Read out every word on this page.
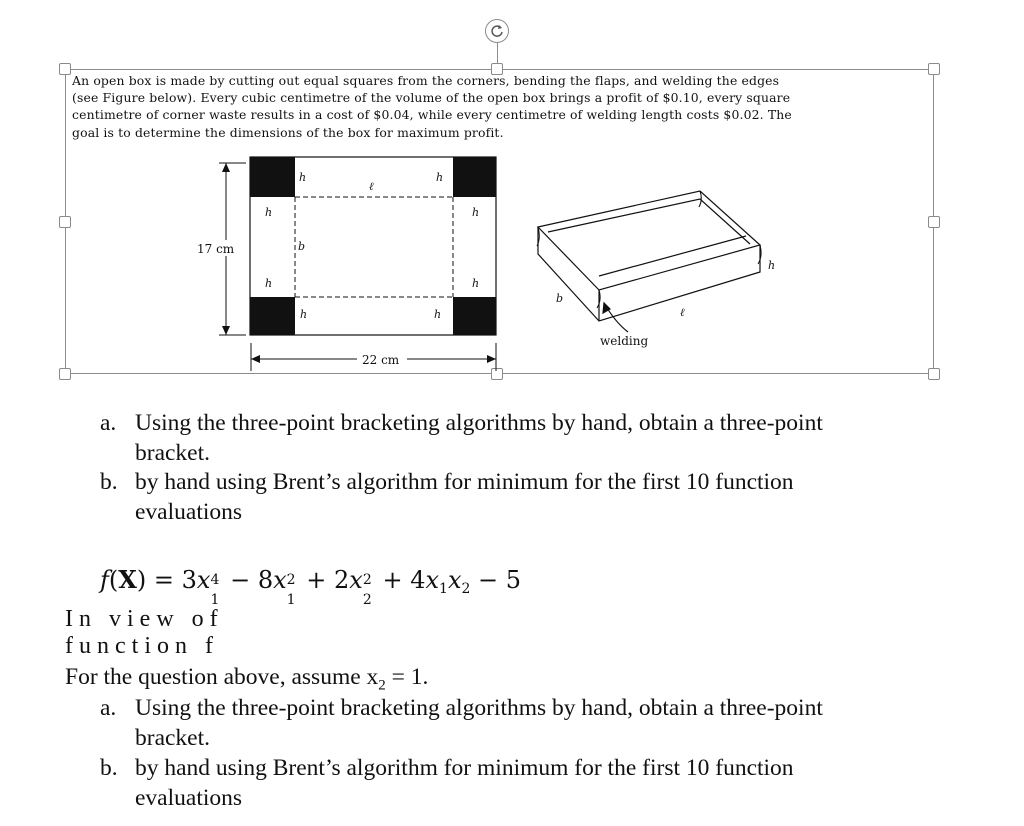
An open box is made by cutting out equal squares from the corners, bending the flaps, and welding the edges
(see Figure below). Every cubic centimetre of the volume of the open box brings a profit of $0.10, every square
centimetre of corner waste results in a cost of $0.04, while every centimetre of welding length costs $0.02. The
goal is to determine the dimensions of the box for maximum profit.
17 cm
22 cm
h
ℓ
h
h	h
b
h	h
h	h
h
b
ℓ
welding
a. Using the three-point bracketing algorithms by hand, obtain a three-point
bracket.
b. by hand using Brent’s algorithm for minimum for the first 10 function
evaluations
f(X) = 3x 4
1
− 8x 2
1
+ 2x 2
2
+ $4x_1x_2 - 5$
In view of function f
For the question above, assume $x_2 = 1$.
a. Using the three-point bracketing algorithms by hand, obtain a three-point
bracket.
b. by hand using Brent’s algorithm for minimum for the first 10 function
evaluations
